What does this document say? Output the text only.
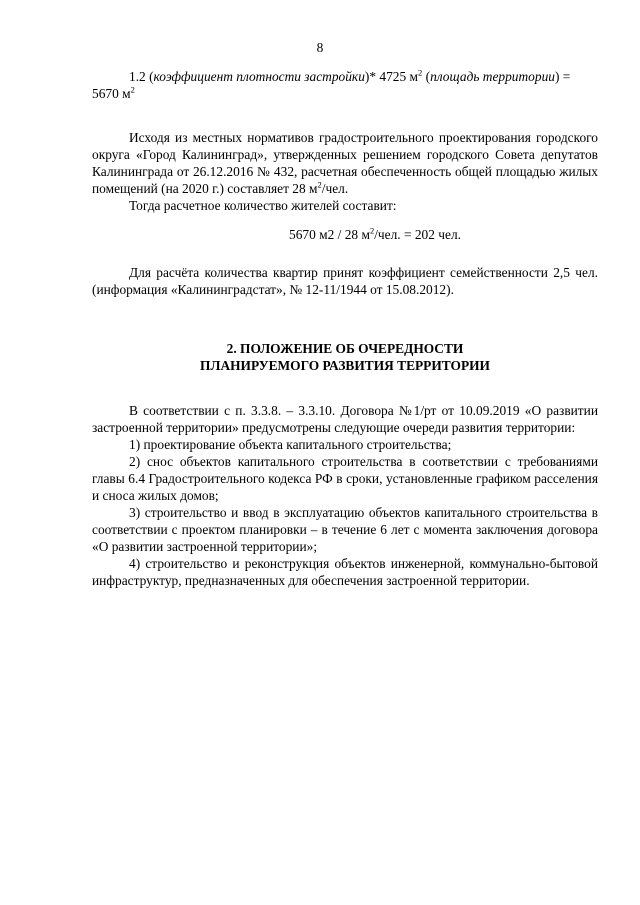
8

1.2 (коэффициент плотности застройки)* 4725 $м^2$ (площадь территории) =
5670 $м^2$

Исходя из местных нормативов градостроительного проектирования городского округа «Город Калининград», утвержденных решением городского Совета депутатов Калининграда от 26.12.2016 № 432, расчетная обеспеченность общей площадью жилых помещений (на 2020 г.) составляет 28 $м^2$/чел.

Тогда расчетное количество жителей составит:

5670 м2 / 28 $м^2$/чел. = 202 чел.

Для расчёта количества квартир принят коэффициент семейственности 2,5 чел. (информация «Калининградстат», № 12-11/1944 от 15.08.2012).

2. ПОЛОЖЕНИЕ ОБ ОЧЕРЕДНОСТИ
ПЛАНИРУЕМОГО РАЗВИТИЯ ТЕРРИТОРИИ

В соответствии с п. 3.3.8. – 3.3.10. Договора №1/рт от 10.09.2019 «О развитии застроенной территории» предусмотрены следующие очереди развития территории:

1) проектирование объекта капитального строительства;

2) снос объектов капитального строительства в соответствии с требованиями главы 6.4 Градостроительного кодекса РФ в сроки, установленные графиком расселения и сноса жилых домов;

3) строительство и ввод в эксплуатацию объектов капитального строительства в соответствии с проектом планировки – в течение 6 лет с момента заключения договора «О развитии застроенной территории»;

4) строительство и реконструкция объектов инженерной, коммунально-бытовой инфраструктур, предназначенных для обеспечения застроенной территории.
